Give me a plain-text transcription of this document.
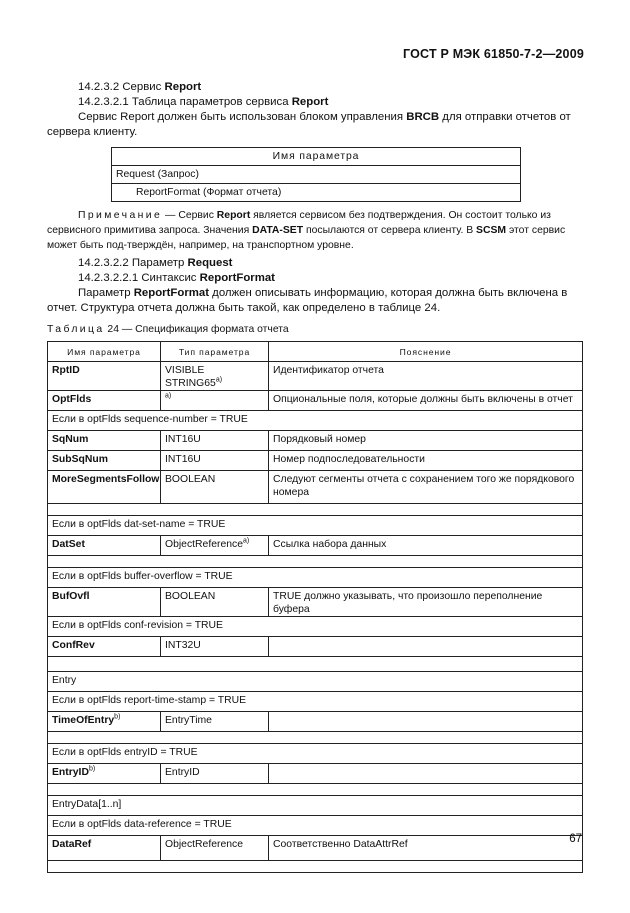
ГОСТ Р МЭК 61850-7-2—2009
14.2.3.2 Сервис Report
14.2.3.2.1 Таблица параметров сервиса Report
Сервис Report должен быть использован блоком управления BRCB для отправки отчетов от сервера клиенту.
Имя параметра
Request (Запрос)
ReportFormat (Формат отчета)
Примечание — Сервис Report является сервисом без подтверждения. Он состоит только из сервисного примитива запроса. Значения DATA-SET посылаются от сервера клиенту. В SCSM этот сервис может быть под-тверждён, например, на транспортном уровне.
14.2.3.2.2 Параметр Request
14.2.3.2.2.1 Синтаксис ReportFormat
Параметр ReportFormat должен описывать информацию, которая должна быть включена в отчет. Структура отчета должна быть такой, как определено в таблице 24.
Таблица 24 — Спецификация формата отчета
Имя параметра	Тип параметра	Пояснение
RptID	VISIBLE STRING65$^{a)}$	Идентификатор отчета
OptFlds	$^{a)}$	Опциональные поля, которые должны быть включены в отчет
Если в optFlds sequence-number = TRUE		
SqNum	INT16U	Порядковый номер
SubSqNum	INT16U	Номер подпоследовательности
MoreSegmentsFollow	BOOLEAN	Следуют сегменты отчета с сохранением того же порядкового номера

Если в optFlds dat-set-name = TRUE		
DatSet	ObjectReference$^{a)}$	Ссылка набора данных

Если в optFlds buffer-overflow = TRUE		
BufOvfl	BOOLEAN	TRUE должно указывать, что произошло переполнение буфера
Если в optFlds conf-revision = TRUE		
ConfRev	INT32U	

Entry		
Если в optFlds report-time-stamp = TRUE		
TimeOfEntry$^{b)}$	EntryTime	

Если в optFlds entryID = TRUE		
EntryID$^{b)}$	EntryID	

EntryData[1..n]		
Если в optFlds data-reference = TRUE		
DataRef	ObjectReference	Соответственно DataAttrRef	67
